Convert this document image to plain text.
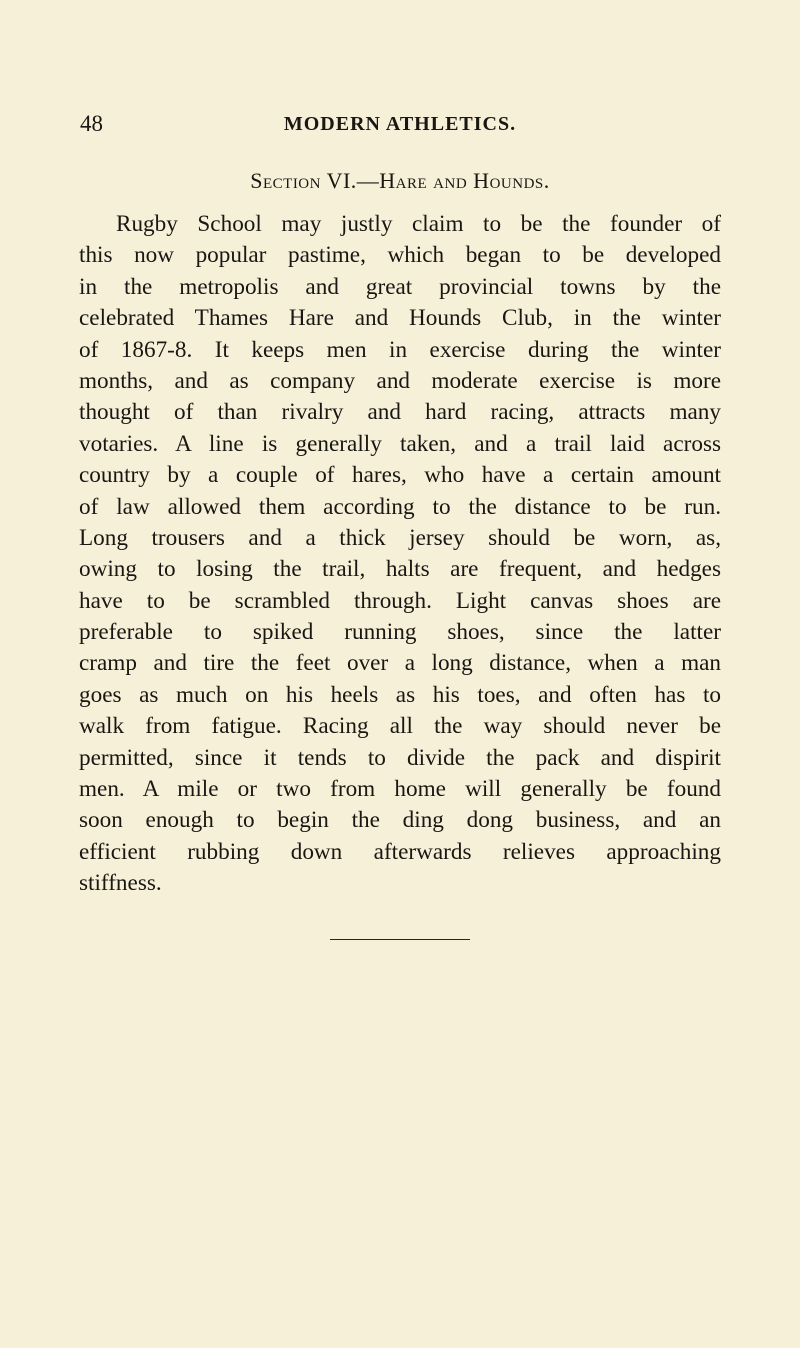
48	MODERN ATHLETICS.
Section VI.—Hare and Hounds.

Rugby School may justly claim to be the founder of
this now popular pastime, which began to be developed
in the metropolis and great provincial towns by the
celebrated Thames Hare and Hounds Club, in the winter
of 1867-8. It keeps men in exercise during the winter
months, and as company and moderate exercise is more
thought of than rivalry and hard racing, attracts many
votaries. A line is generally taken, and a trail laid across
country by a couple of hares, who have a certain amount
of law allowed them according to the distance to be run.
Long trousers and a thick jersey should be worn, as,
owing to losing the trail, halts are frequent, and hedges
have to be scrambled through. Light canvas shoes are
preferable to spiked running shoes, since the latter
cramp and tire the feet over a long distance, when a man
goes as much on his heels as his toes, and often has to
walk from fatigue. Racing all the way should never be
permitted, since it tends to divide the pack and dispirit
men. A mile or two from home will generally be found
soon enough to begin the ding dong business, and an
efficient rubbing down afterwards relieves approaching
stiffness.
